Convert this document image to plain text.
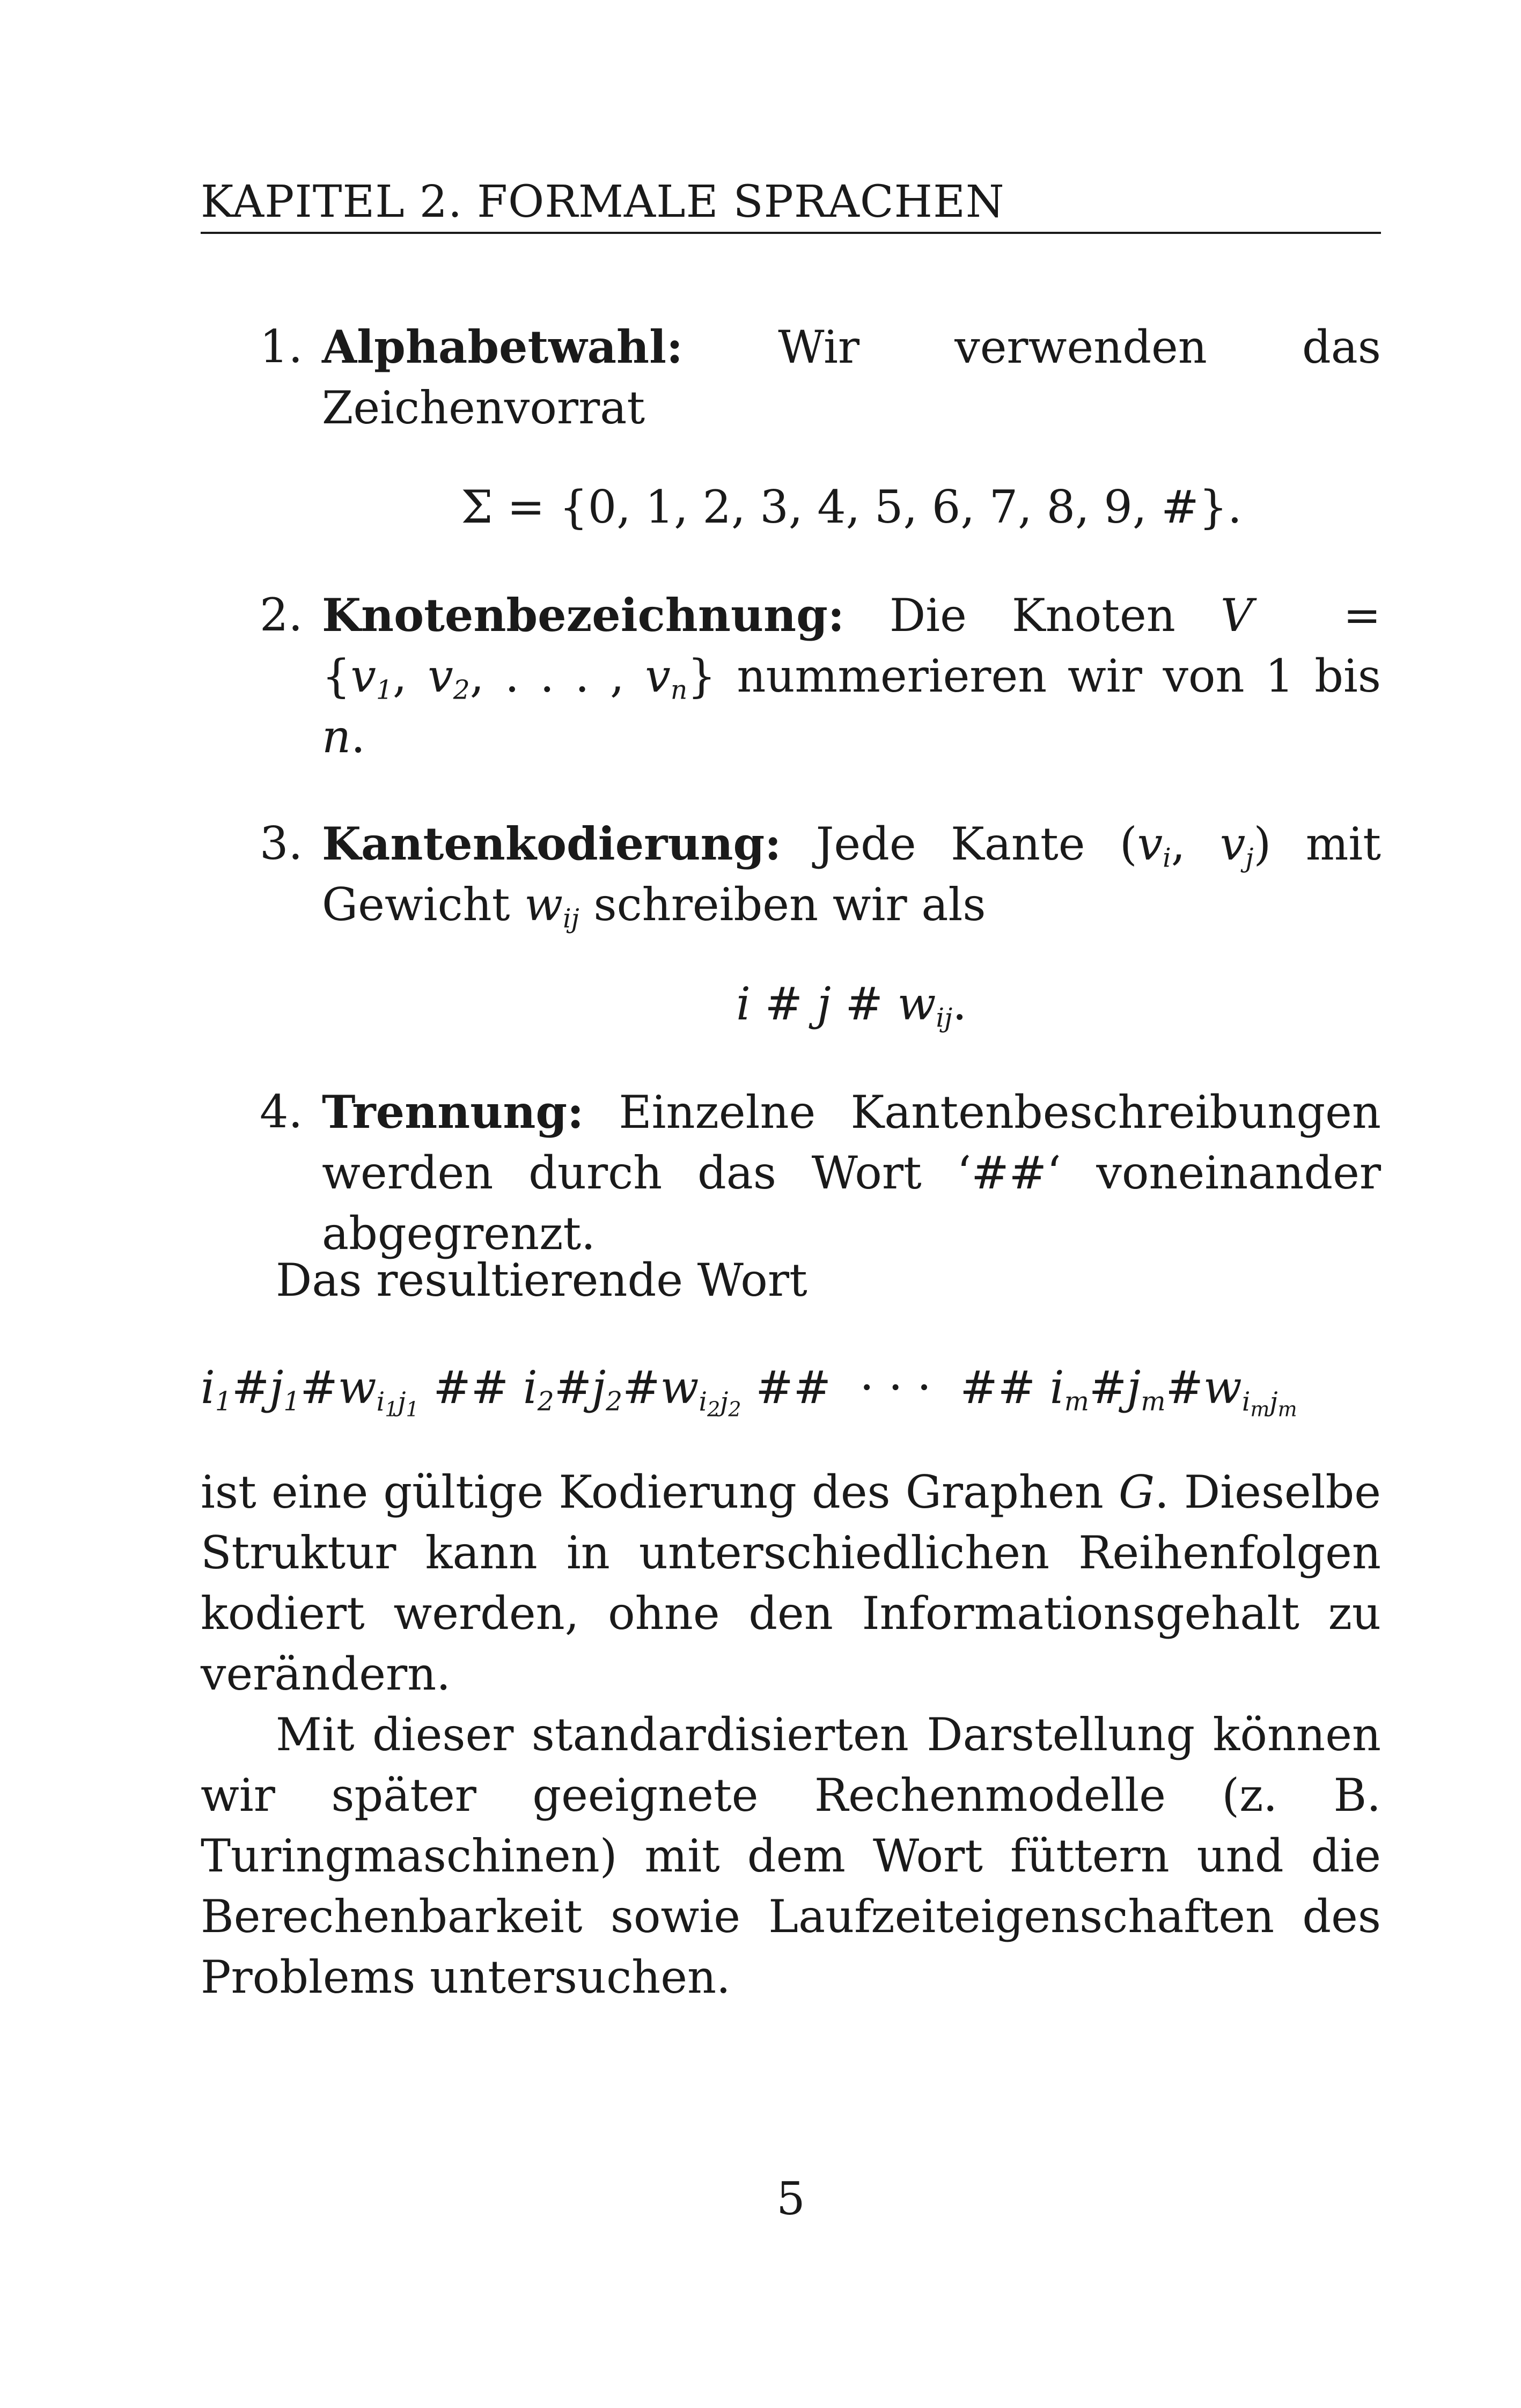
KAPITEL 2. FORMALE SPRACHEN
1. Alphabetwahl: Wir verwenden das Zeichenvorrat
Σ = {0, 1, 2, 3, 4, 5, 6, 7, 8, 9, #}.
2. Knotenbezeichnung: Die Knoten V =
{$v_1$, $v_2$, . . . , $v_n$} nummerieren wir von 1 bis
n.
3. Kantenkodierung: Jede Kante ($v_i$, $v_j$) mit Gewicht $w_{ij}$ schreiben wir als
i # j # $w_{ij}$.
4. Trennung: Einzelne Kantenbeschreibungen werden durch das Wort ‘##‘ voneinander abgegrenzt.
Das resultierende Wort
$i_1\#j_1\#w_{i_1j_1}$ ## $i_2\#j_2\#w_{i_2j_2}$ ## · · · ## $i_m\#j_m\#w_{i_mj_m}$
ist eine gültige Kodierung des Graphen G. Dieselbe Struktur kann in unterschiedlichen Reihenfolgen kodiert werden, ohne den Informationsgehalt zu verändern.
Mit dieser standardisierten Darstellung können wir später geeignete Rechenmodelle (z. B. Turingmaschinen) mit dem Wort füttern und die Berechenbarkeit sowie Laufzeiteigenschaften des Problems untersuchen.
5
